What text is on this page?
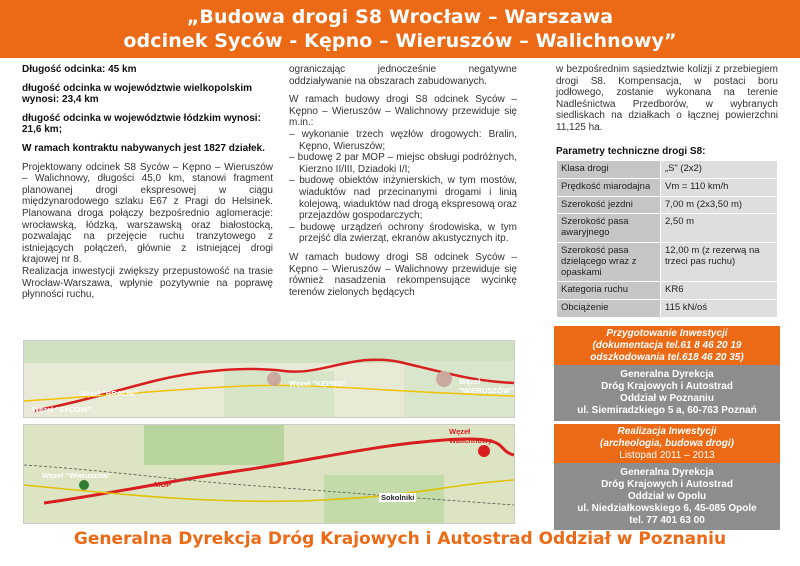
„Budowa drogi S8 Wrocław – Warszawa
odcinek Syców - Kępno – Wieruszów – Walichnowy”
Długość odcinka: 45 km
długość odcinka w województwie wielkopolskim wynosi: 23,4 km
długość odcinka w województwie łódzkim wynosi: 21,6 km;
W ramach kontraktu nabywanych jest 1827 działek.
Projektowany odcinek S8 Syców – Kępno – Wieruszów – Walichnowy, długości 45,0 km, stanowi fragment planowanej drogi ekspresowej w ciągu międzynarodowego szlaku E67 z Pragi do Helsinek. Planowana droga połączy bezpośrednio aglomeracje: wrocławską, łódzką, warszawską oraz białostocką, pozwalając na przejęcie ruchu tranzytowego z istniejących połączeń, głównie z istniejącej drogi krajowej nr 8.
Realizacja inwestycji zwiększy przepustowość na trasie Wrocław-Warszawa, wpłynie pozytywnie na poprawę płynności ruchu,
ograniczając jednocześnie negatywne oddziaływanie na obszarach zabudowanych.
W ramach budowy drogi S8 odcinek Syców – Kępno – Wieruszów – Walichnowy przewiduje się m.in.:
– wykonanie trzech węzłów drogowych: Bralin, Kępno, Wieruszów;
– budowę 2 par MOP – miejsc obsługi podróżnych, Kierzno II/III, Dziadoki I/I;
– budowę obiektów inżynierskich, w tym mostów, wiaduktów nad przecinanymi drogami i linią kolejową, wiaduktów nad drogą ekspresową oraz przejazdów gospodarczych;
– budowę urządzeń ochrony środowiska, w tym przejść dla zwierząt, ekranów akustycznych itp.
W ramach budowy drogi S8 odcinek Syców – Kępno – Wieruszów – Walichnowy przewiduje się również nasadzenia rekompensujące wycinkę terenów zielonych będących
w bezpośrednim sąsiedztwie kolizji z przebiegiem drogi S8. Kompensacja, w postaci boru jodłowego, zostanie wykonana na terenie Nadleśnictwa Przedborów, w wybranych siedliskach na działkach o łącznej powierzchni 11,125 ha.
Parametry techniczne drogi S8:
Klasa drogi	„S” (2x2)
Prędkość miarodajna	Vm = 110 km/h
Szerokość jezdni	7,00 m (2x3,50 m)
Szerokość pasa awaryjnego	2,50 m
Szerokość pasa dzielącego wraz z opaskami	12,00 m (z rezerwą na trzeci pas ruchu)
Kategoria ruchu	KR6
Obciążenie	115 kN/oś
Przygotowanie Inwestycji
(dokumentacja tel.61 8 46 20 19
odszkodowania tel.618 46 20 35)
Generalna Dyrekcja
Dróg Krajowych i Autostrad
Oddział w Poznaniu
ul. Siemiradzkiego 5 a, 60-763 Poznań
Realizacja Inwestycji
(archeologia, budowa drogi)
Listopad 2011 – 2013
Generalna Dyrekcja
Dróg Krajowych i Autostrad
Oddział w Opolu
ul. Niedziałkowskiego 6, 45-085 Opole
tel. 77 401 63 00
Węzeł "BRALIN"
Węzeł "KĘPNO"	Węzeł "WIERUSZÓW"
Węzeł "SYCÓW"
Węzeł "Wieruszów"
Węzeł Walichnowy
Sokolniki
MOP
Generalna Dyrekcja Dróg Krajowych i Autostrad Oddział w Poznaniu
